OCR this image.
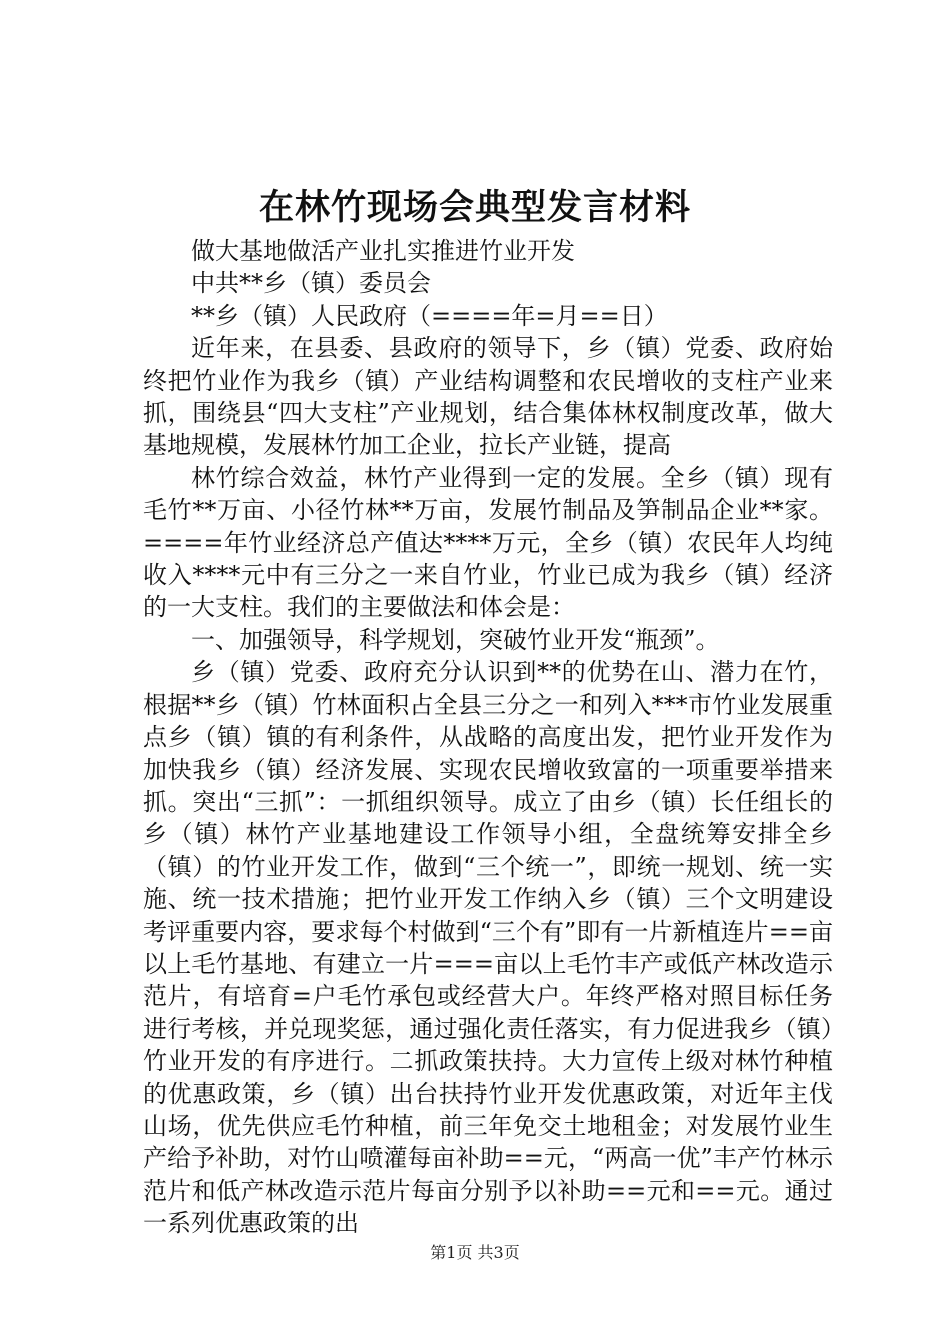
在林竹现场会典型发言材料

做大基地做活产业扎实推进竹业开发

中共**乡（镇）委员会

**乡（镇）人民政府（====年=月==日）

近年来，在县委、县政府的领导下，乡（镇）党委、政府始终把竹业作为我乡（镇）产业结构调整和农民增收的支柱产业来抓，围绕县“四大支柱”产业规划，结合集体林权制度改革，做大基地规模，发展林竹加工企业，拉长产业链，提高

林竹综合效益，林竹产业得到一定的发展。全乡（镇）现有毛竹**万亩、小径竹林**万亩，发展竹制品及笋制品企业**家。====年竹业经济总产值达****万元，全乡（镇）农民年人均纯收入****元中有三分之一来自竹业，竹业已成为我乡（镇）经济的一大支柱。我们的主要做法和体会是：

一、加强领导，科学规划，突破竹业开发“瓶颈”。

乡（镇）党委、政府充分认识到**的优势在山、潜力在竹，根据**乡（镇）竹林面积占全县三分之一和列入***市竹业发展重点乡（镇）镇的有利条件，从战略的高度出发，把竹业开发作为加快我乡（镇）经济发展、实现农民增收致富的一项重要举措来抓。突出“三抓”：一抓组织领导。成立了由乡（镇）长任组长的乡（镇）林竹产业基地建设工作领导小组，全盘统筹安排全乡（镇）的竹业开发工作，做到“三个统一”，即统一规划、统一实施、统一技术措施；把竹业开发工作纳入乡（镇）三个文明建设考评重要内容，要求每个村做到“三个有”即有一片新植连片==亩以上毛竹基地、有建立一片===亩以上毛竹丰产或低产林改造示范片，有培育=户毛竹承包或经营大户。年终严格对照目标任务进行考核，并兑现奖惩，通过强化责任落实，有力促进我乡（镇）竹业开发的有序进行。二抓政策扶持。大力宣传上级对林竹种植的优惠政策，乡（镇）出台扶持竹业开发优惠政策，对近年主伐山场，优先供应毛竹种植，前三年免交土地租金；对发展竹业生产给予补助，对竹山喷灌每亩补助==元，“两高一优”丰产竹林示范片和低产林改造示范片每亩分别予以补助==元和==元。通过一系列优惠政策的出

第1页 共3页
